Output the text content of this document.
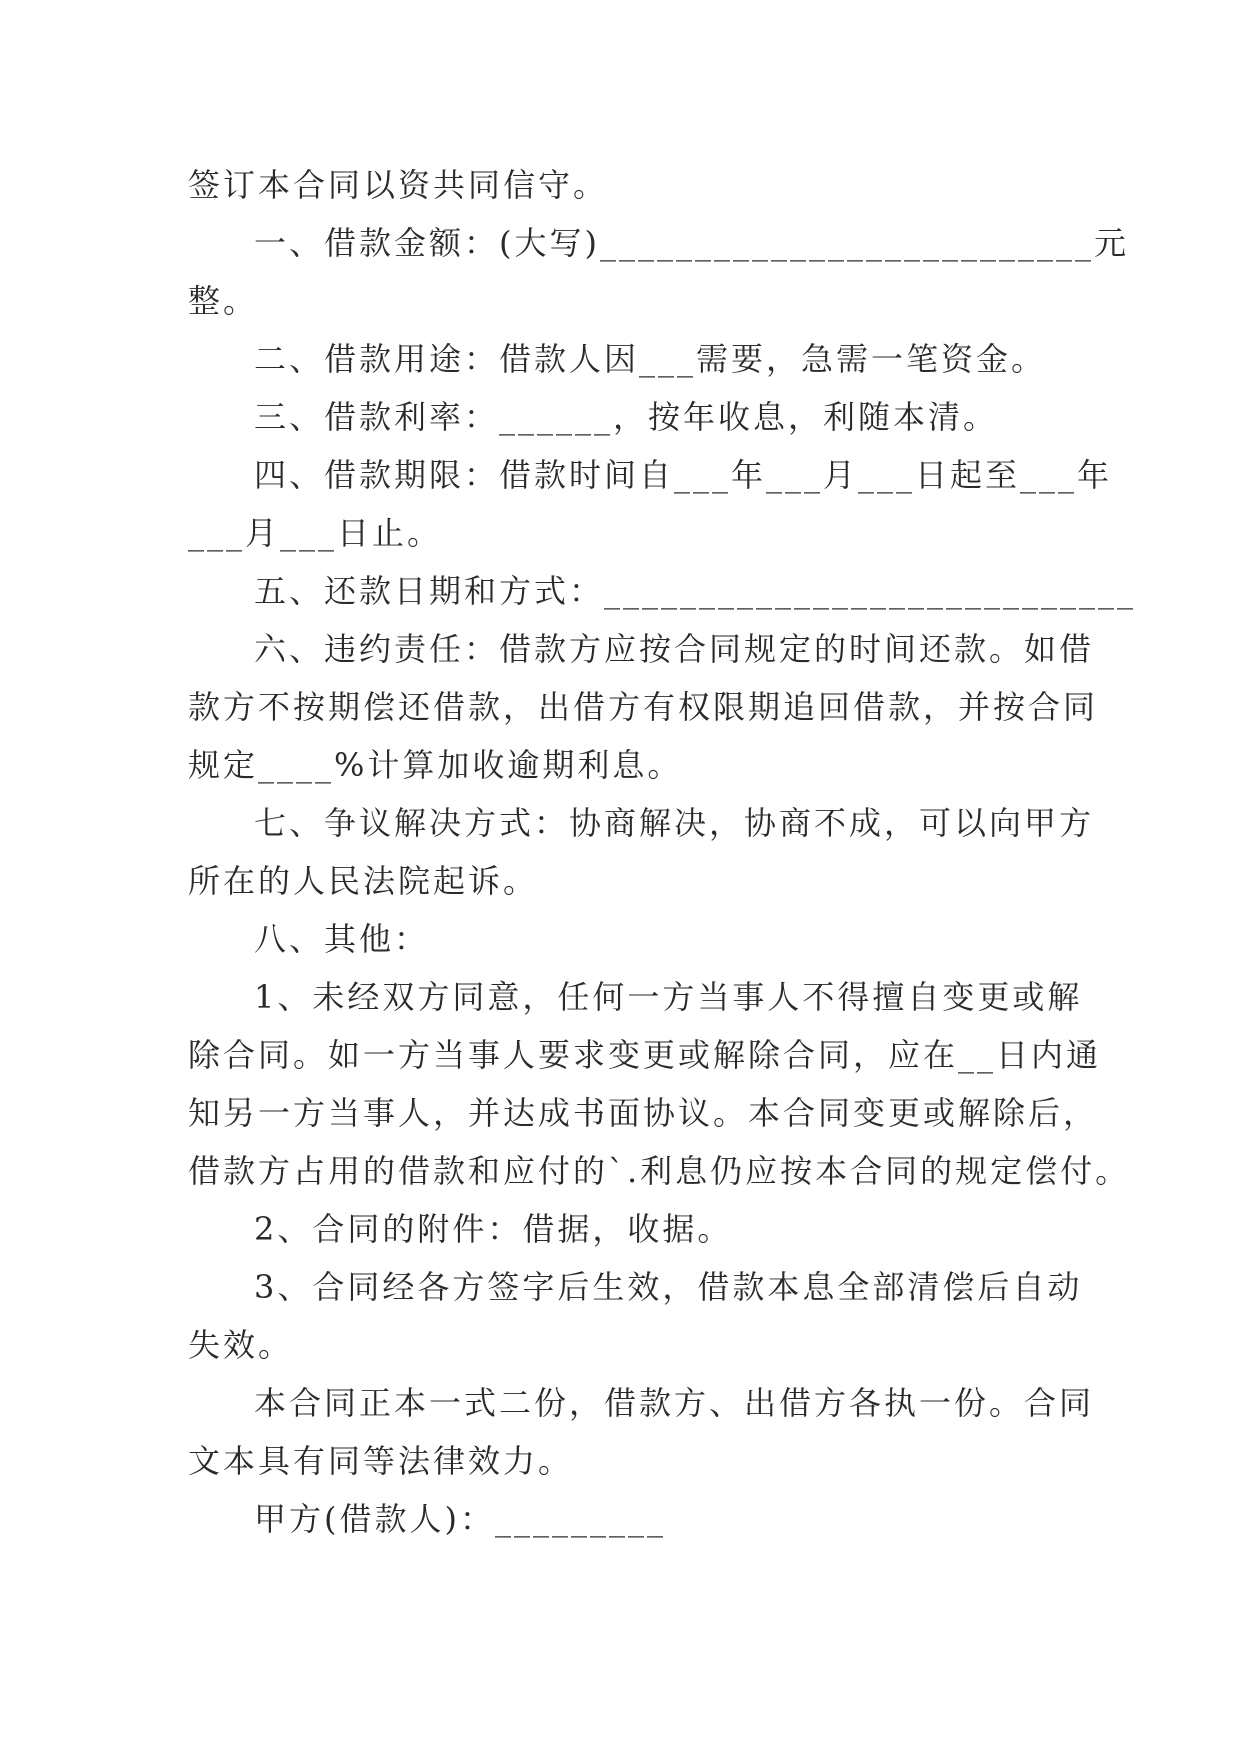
签订本合同以资共同信守。
一、借款金额：(大写)__________________________元
整。
二、借款用途：借款人因___需要，急需一笔资金。
三、借款利率：______，按年收息，利随本清。
四、借款期限：借款时间自___年___月___日起至___年
___月___日止。
五、还款日期和方式：____________________________
六、违约责任：借款方应按合同规定的时间还款。如借
款方不按期偿还借款，出借方有权限期追回借款，并按合同
规定____%计算加收逾期利息。
七、争议解决方式：协商解决，协商不成，可以向甲方
所在的人民法院起诉。
八、其他：
1、未经双方同意，任何一方当事人不得擅自变更或解
除合同。如一方当事人要求变更或解除合同，应在__日内通
知另一方当事人，并达成书面协议。本合同变更或解除后，
借款方占用的借款和应付的`.利息仍应按本合同的规定偿付。
2、合同的附件：借据，收据。
3、合同经各方签字后生效，借款本息全部清偿后自动
失效。
本合同正本一式二份，借款方、出借方各执一份。合同
文本具有同等法律效力。
甲方(借款人)：_________
